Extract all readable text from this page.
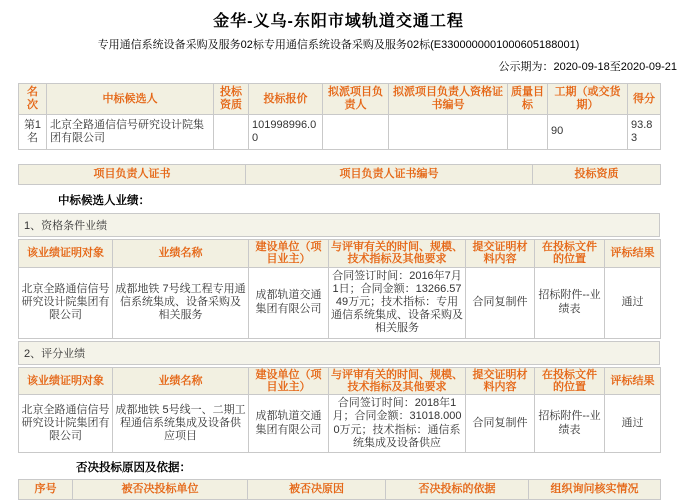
金华-义乌-东阳市域轨道交通工程
专用通信系统设备采购及服务02标专用通信系统设备采购及服务02标(E3300000001000605188001)
公示期为：2020-09-18至2020-09-21
名次	中标候选人	投标资质	投标报价	拟派项目负责人	拟派项目负责人资格证书编号	质量目标	工期（或交货期）	得分
第1名	北京全路通信信号研究设计院集团有限公司		101998996.00				90	93.83
项目负责人证书	项目负责人证书编号	投标资质
中标候选人业绩：
1、资格条件业绩
该业绩证明对象	业绩名称	建设单位（项目业主）	与评审有关的时间、规模、技术指标及其他要求	提交证明材料内容	在投标文件的位置	评标结果
北京全路通信信号研究设计院集团有限公司	成都地铁 7号线工程专用通信系统集成、设备采购及相关服务	成都轨道交通集团有限公司	合同签订时间：2016年7月1日；合同金额：13266.5749万元；技术指标：专用通信系统集成、设备采购及相关服务	合同复制件	招标附件--业绩表	通过
2、评分业绩
该业绩证明对象	业绩名称	建设单位（项目业主）	与评审有关的时间、规模、技术指标及其他要求	提交证明材料内容	在投标文件的位置	评标结果
北京全路通信信号研究设计院集团有限公司	成都地铁 5号线一、二期工程通信系统集成及设备供应项目	成都轨道交通集团有限公司	合同签订时间：2018年1月；合同金额：31018.0000万元；技术指标：通信系统集成及设备供应	合同复制件	招标附件--业绩表	通过
否决投标原因及依据：
序号	被否决投标单位	被否决原因	否决投标的依据	组织询问核实情况
